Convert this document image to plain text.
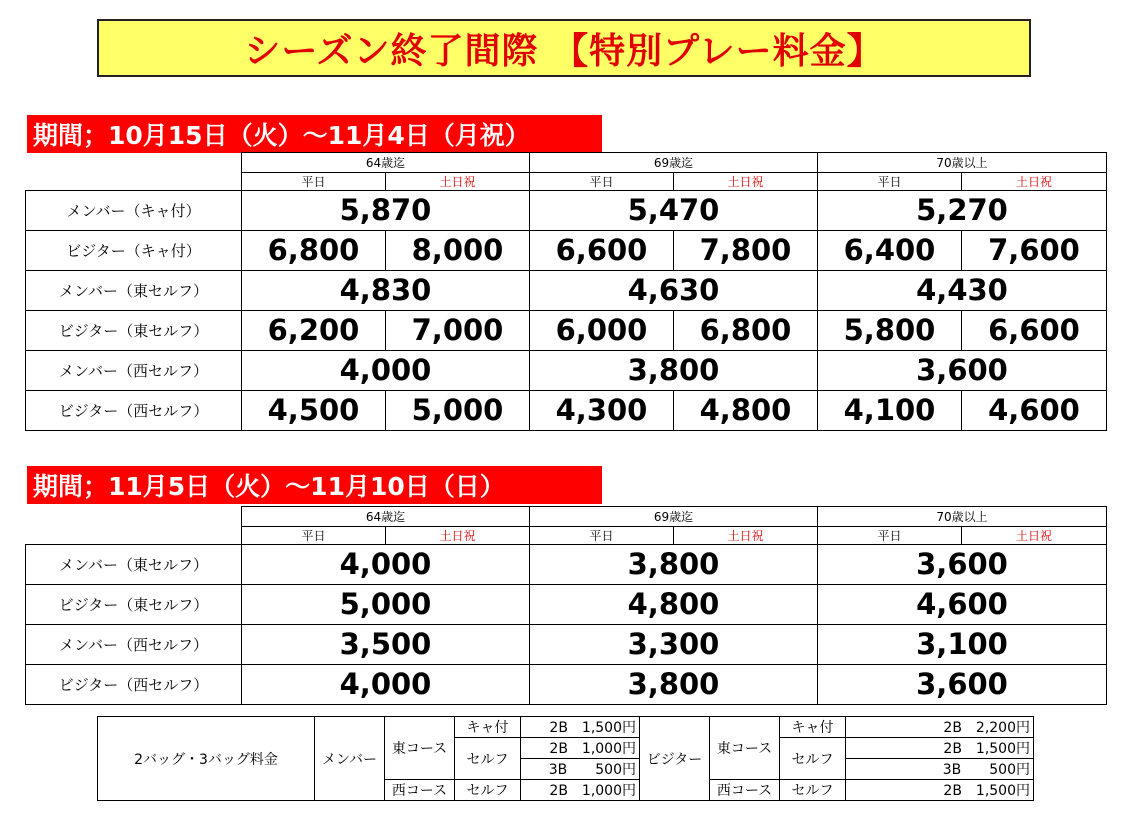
シーズン終了間際 【特別プレー料金】
期間；10月15日（火）～11月4日（月祝）
	64歳迄		69歳迄		70歳以上	
	平日	土日祝	平日	土日祝	平日	土日祝
メンバー（キャ付）	5,870		5,470		5,270	
ビジター（キャ付）	6,800	8,000	6,600	7,800	6,400	7,600
メンバー（東セルフ）	4,830		4,630		4,430	
ビジター（東セルフ）	6,200	7,000	6,000	6,800	5,800	6,600
メンバー（西セルフ）	4,000		3,800		3,600	
ビジター（西セルフ）	4,500	5,000	4,300	4,800	4,100	4,600
期間；11月5日（火）～11月10日（日）
	64歳迄		69歳迄		70歳以上	
	平日	土日祝	平日	土日祝	平日	土日祝
メンバー（東セルフ）	4,000		3,800		3,600	
ビジター（東セルフ）	5,000		4,800		4,600	
メンバー（西セルフ）	3,500		3,300		3,100	
ビジター（西セルフ）	4,000		3,800		3,600	
2バッグ・3バッグ料金	メンバー	東コース	キャ付	2B　1,500円	ビジター	東コース	キャ付	2B　2,200円
			セルフ	2B　1,000円			セルフ	2B　1,500円
				3B　　500円				3B　　500円
		西コース	セルフ	2B　1,000円		西コース	セルフ	2B　1,500円
